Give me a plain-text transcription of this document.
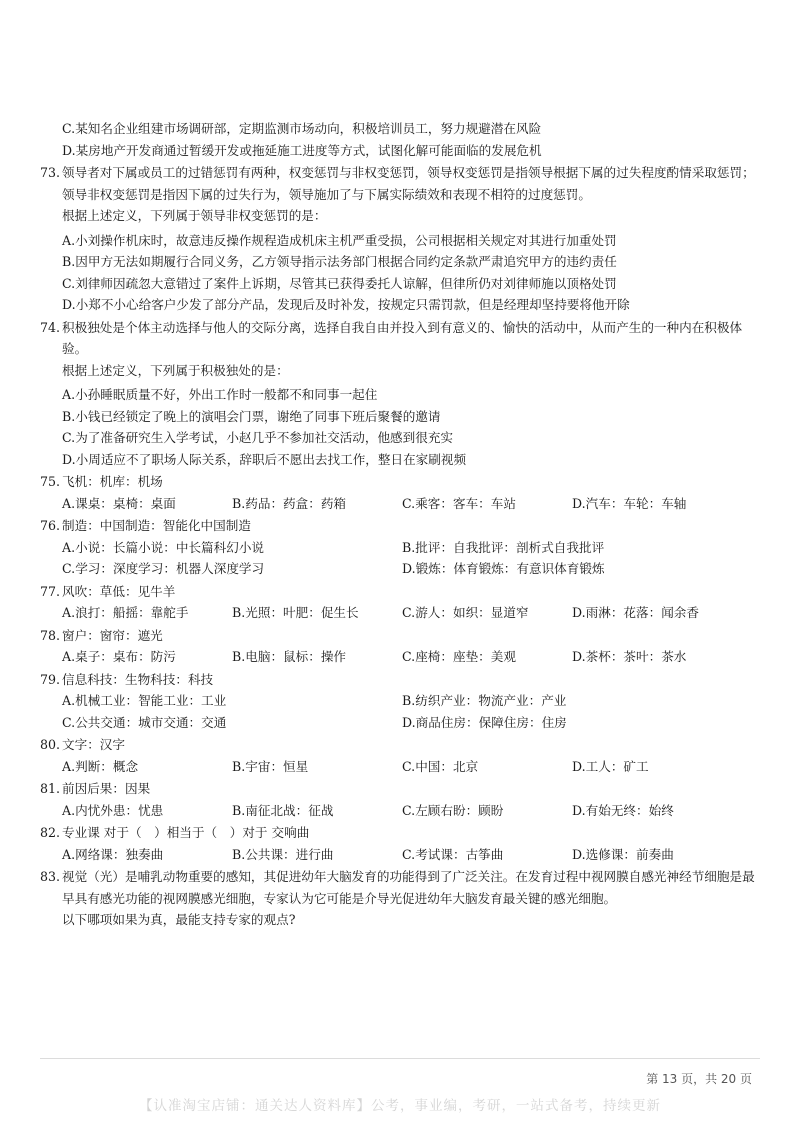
C.某知名企业组建市场调研部，定期监测市场动向，积极培训员工，努力规避潜在风险
D.某房地产开发商通过暂缓开发或拖延施工进度等方式，试图化解可能面临的发展危机
73. 领导者对下属或员工的过错惩罚有两种，权变惩罚与非权变惩罚，领导权变惩罚是指领导根据下属的过失程度酌情采取惩罚；领导非权变惩罚是指因下属的过失行为，领导施加了与下属实际绩效和表现不相符的过度惩罚。
根据上述定义，下列属于领导非权变惩罚的是：
A.小刘操作机床时，故意违反操作规程造成机床主机严重受损，公司根据相关规定对其进行加重处罚
B.因甲方无法如期履行合同义务，乙方领导指示法务部门根据合同约定条款严肃追究甲方的违约责任
C.刘律师因疏忽大意错过了案件上诉期，尽管其已获得委托人谅解，但律所仍对刘律师施以顶格处罚
D.小郑不小心给客户少发了部分产品，发现后及时补发，按规定只需罚款，但是经理却坚持要将他开除
74. 积极独处是个体主动选择与他人的交际分离，选择自我自由并投入到有意义的、愉快的活动中，从而产生的一种内在积极体验。
根据上述定义，下列属于积极独处的是：
A.小孙睡眠质量不好，外出工作时一般都不和同事一起住
B.小钱已经锁定了晚上的演唱会门票，谢绝了同事下班后聚餐的邀请
C.为了准备研究生入学考试，小赵几乎不参加社交活动，他感到很充实
D.小周适应不了职场人际关系，辞职后不愿出去找工作，整日在家刷视频
75. 飞机：机库：机场
A.课桌：桌椅：桌面	B.药品：药盒：药箱	C.乘客：客车：车站	D.汽车：车轮：车轴
76. 制造：中国制造：智能化中国制造
A.小说：长篇小说：中长篇科幻小说	B.批评：自我批评：剖析式自我批评
C.学习：深度学习：机器人深度学习	D.锻炼：体育锻炼：有意识体育锻炼
77. 风吹：草低：见牛羊
A.浪打：船摇：靠舵手	B.光照：叶肥：促生长	C.游人：如织：显道窄	D.雨淋：花落：闻余香
78. 窗户：窗帘：遮光
A.桌子：桌布：防污	B.电脑：鼠标：操作	C.座椅：座垫：美观	D.茶杯：茶叶：茶水
79. 信息科技：生物科技：科技
A.机械工业：智能工业：工业	B.纺织产业：物流产业：产业
C.公共交通：城市交通：交通	D.商品住房：保障住房：住房
80. 文字：汉字
A.判断：概念	B.宇宙：恒星	C.中国：北京	D.工人：矿工
81. 前因后果：因果
A.内忧外患：忧患	B.南征北战：征战	C.左顾右盼：顾盼	D.有始无终：始终
82. 专业课 对于（　）相当于（　）对于 交响曲
A.网络课：独奏曲	B.公共课：进行曲	C.考试课：古筝曲	D.选修课：前奏曲
83. 视觉（光）是哺乳动物重要的感知，其促进幼年大脑发育的功能得到了广泛关注。在发育过程中视网膜自感光神经节细胞是最早具有感光功能的视网膜感光细胞，专家认为它可能是介导光促进幼年大脑发育最关键的感光细胞。
以下哪项如果为真，最能支持专家的观点?
第 13 页，共 20 页
【认准淘宝店铺：通关达人资料库】公考，事业编，考研，一站式备考，持续更新
